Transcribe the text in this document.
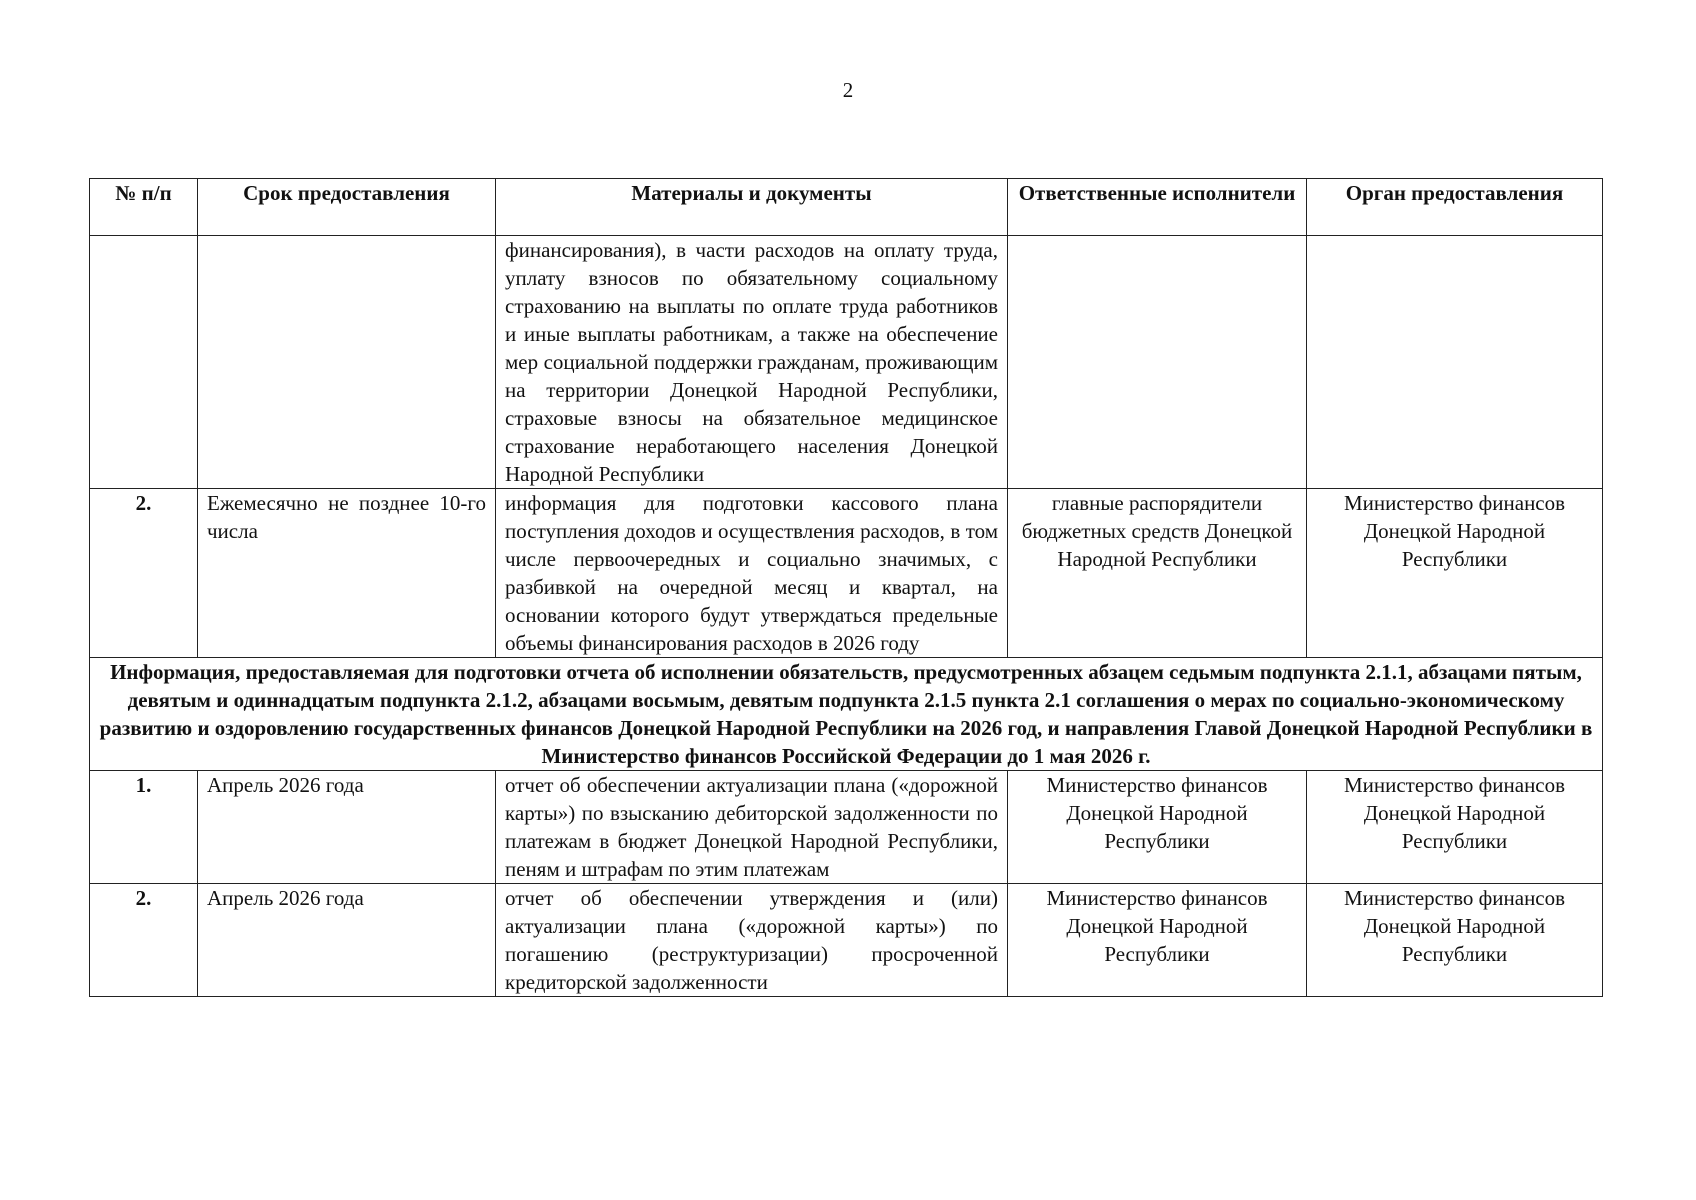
2
№ п/п	Срок предоставления	Материалы и документы	Ответственные исполнители	Орган предоставления
		финансирования), в части расходов на оплату труда, уплату взносов по обязательному социальному страхованию на выплаты по оплате труда работников и иные выплаты работникам, а также на обеспечение мер социальной поддержки гражданам, проживающим на территории Донецкой Народной Республики, страховые взносы на обязательное медицинское страхование неработающего населения Донецкой Народной Республики		
2.	Ежемесячно не позднее 10-го числа	информация для подготовки кассового плана поступления доходов и осуществления расходов, в том числе первоочередных и социально значимых, с разбивкой на очередной месяц и квартал, на основании которого будут утверждаться предельные объемы финансирования расходов в 2026 году	главные распорядители бюджетных средств Донецкой Народной Республики	Министерство финансов Донецкой Народной Республики
Информация, предоставляемая для подготовки отчета об исполнении обязательств, предусмотренных абзацем седьмым подпункта 2.1.1, абзацами пятым, девятым и одиннадцатым подпункта 2.1.2, абзацами восьмым, девятым подпункта 2.1.5 пункта 2.1 соглашения о мерах по социально-экономическому развитию и оздоровлению государственных финансов Донецкой Народной Республики на 2026 год, и направления Главой Донецкой Народной Республики в Министерство финансов Российской Федерации до 1 мая 2026 г.				
1.	Апрель 2026 года	отчет об обеспечении актуализации плана («дорожной карты») по взысканию дебиторской задолженности по платежам в бюджет Донецкой Народной Республики, пеням и штрафам по этим платежам	Министерство финансов Донецкой Народной Республики	Министерство финансов Донецкой Народной Республики
2.	Апрель 2026 года	отчет об обеспечении утверждения и (или) актуализации плана («дорожной карты») по погашению (реструктуризации) просроченной кредиторской задолженности	Министерство финансов Донецкой Народной Республики	Министерство финансов Донецкой Народной Республики
